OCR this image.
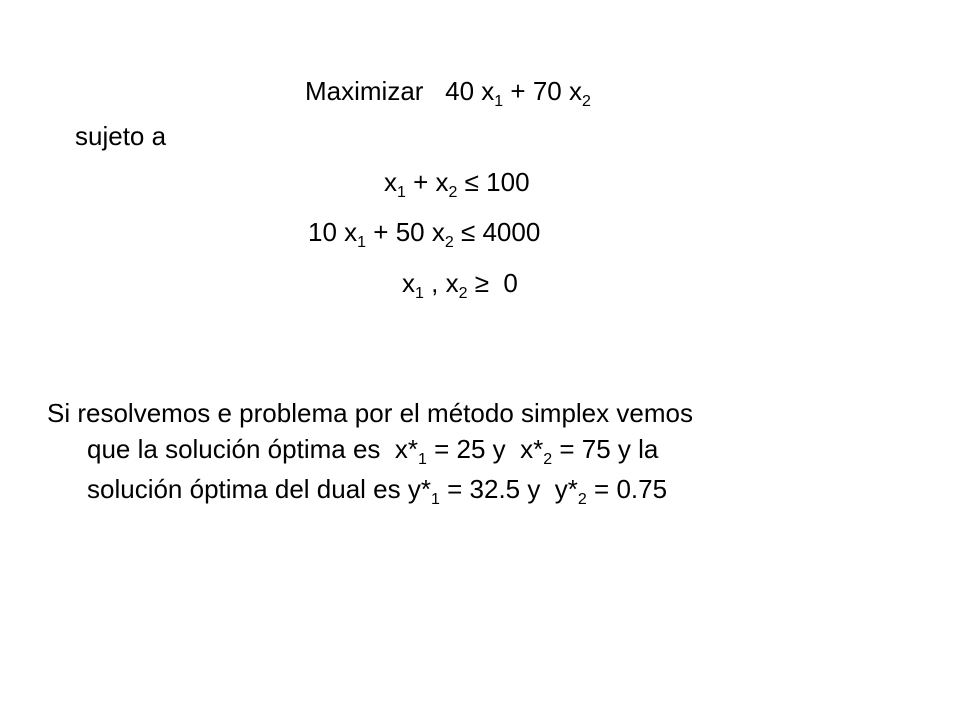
Maximizar 40 $x_1 + 70$ $x_2$
sujeto a
$x_1 + x_2 \le 100$
10 $x_1 + 50$ $x_2 \le 4000$
$x_1$ , $x_2 \ge 0$
Si resolvemos e problema por el método simplex vemos
que la solución óptima es  $x*_1 = 25$ y  $x*_2 = 75$ y la
solución óptima del dual es $y*_1 = 32.5$ y  $y*_2 = 0.75$
